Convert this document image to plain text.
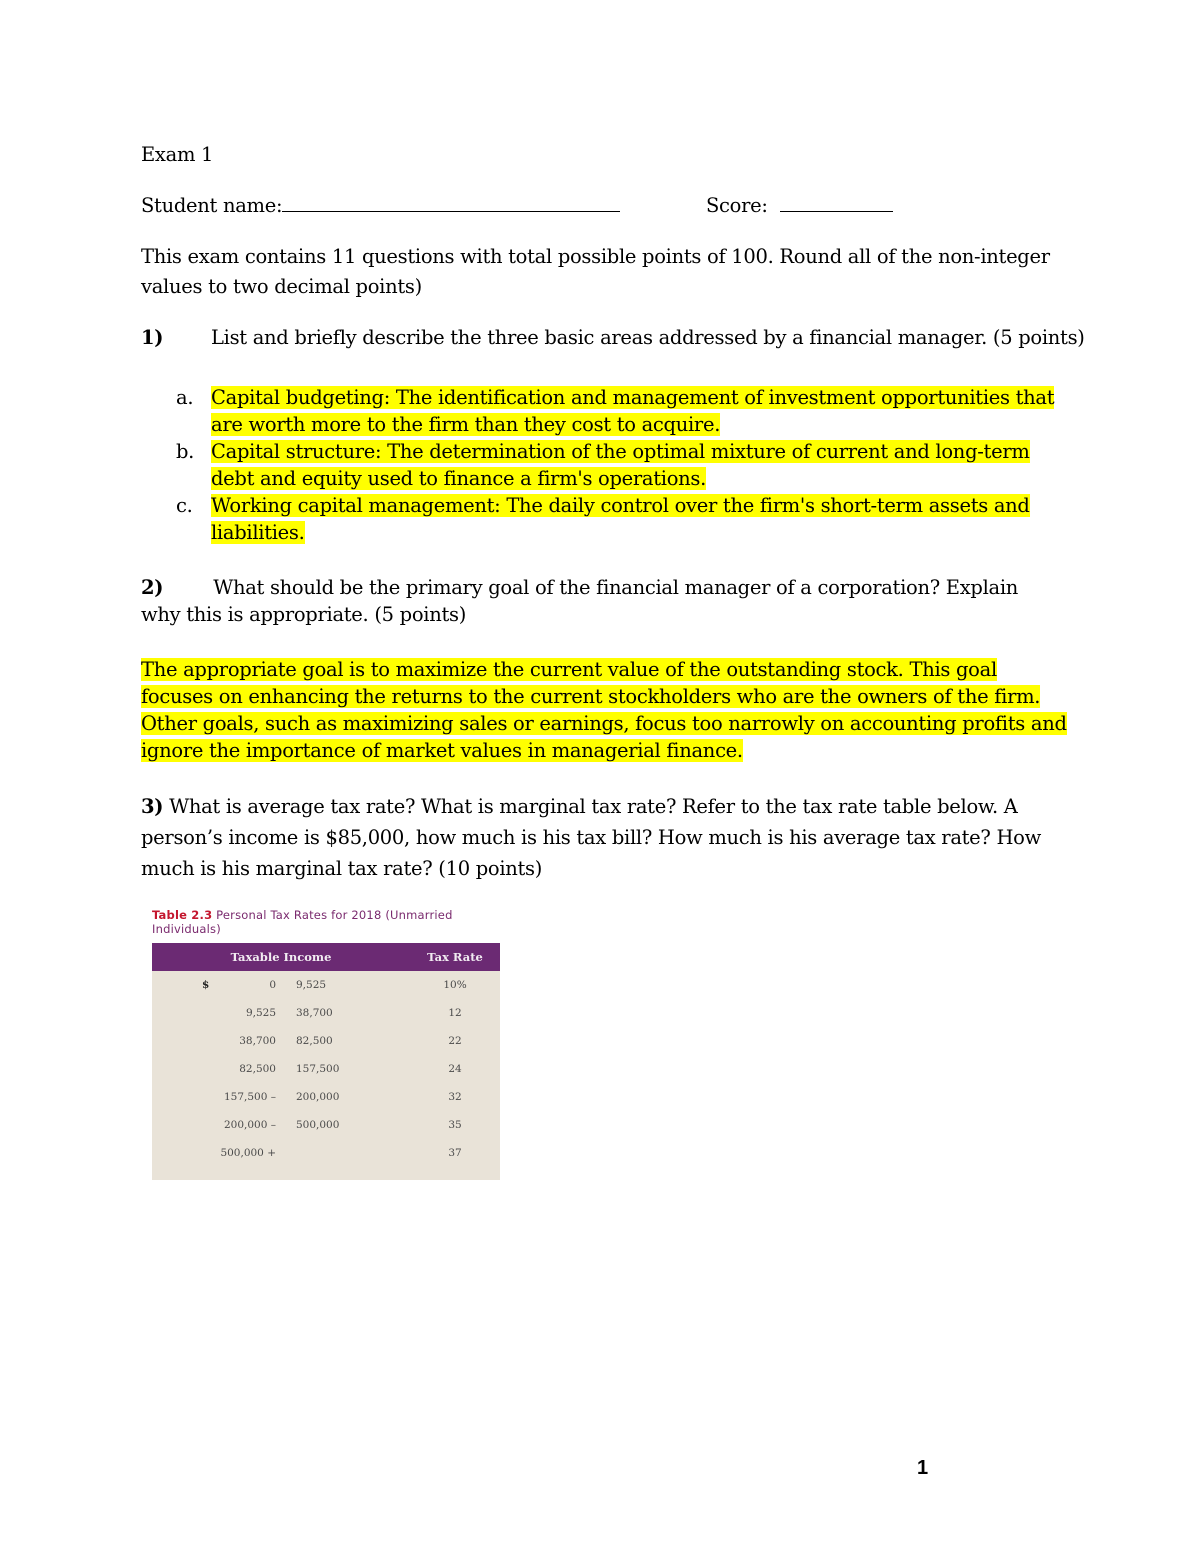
Exam 1
Student name:	Score:
This exam contains 11 questions with total possible points of 100. Round all of the non-integer values to two decimal points)
1) List and briefly describe the three basic areas addressed by a financial manager. (5 points)
a. Capital budgeting: The identification and management of investment opportunities that are worth more to the firm than they cost to acquire.
b. Capital structure: The determination of the optimal mixture of current and long-term debt and equity used to finance a firm's operations.
c. Working capital management: The daily control over the firm's short-term assets and liabilities.
2)	What should be the primary goal of the financial manager of a corporation? Explain why this is appropriate. (5 points)
The appropriate goal is to maximize the current value of the outstanding stock. This goal focuses on enhancing the returns to the current stockholders who are the owners of the firm. Other goals, such as maximizing sales or earnings, focus too narrowly on accounting profits and ignore the importance of market values in managerial finance.
3) What is average tax rate? What is marginal tax rate? Refer to the tax rate table below. A person’s income is $85,000, how much is his tax bill? How much is his average tax rate? How much is his marginal tax rate? (10 points)
Table 2.3 Personal Tax Rates for 2018 (Unmarried Individuals)
Taxable Income	Tax Rate
$ 0 9,525	10%
9,525 38,700	12
38,700 82,500	22
82,500 157,500	24
157,500 – 200,000	32
200,000 – 500,000	35
500,000 +	37

1
